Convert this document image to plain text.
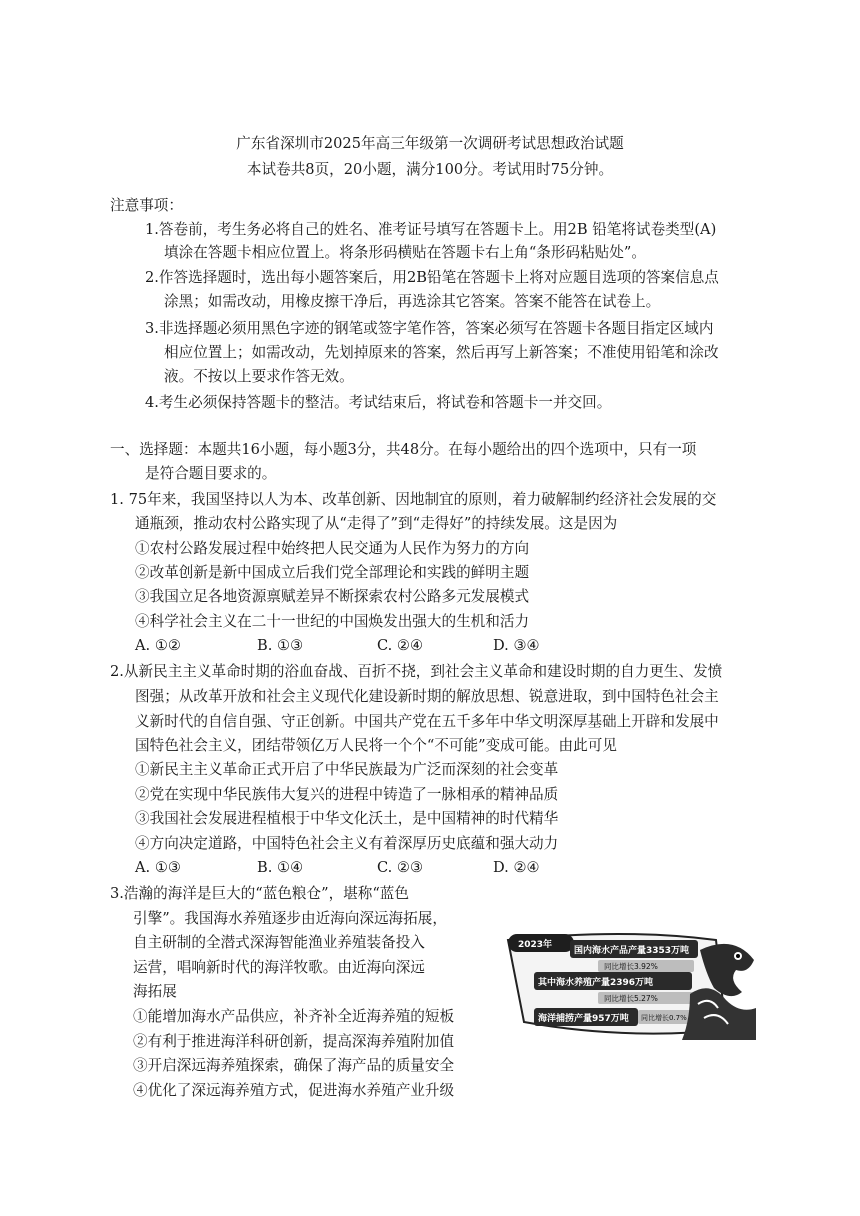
广东省深圳市2025年高三年级第一次调研考试思想政治试题
本试卷共8页，20小题，满分100分。考试用时75分钟。
注意事项：
1.答卷前，考生务必将自己的姓名、准考证号填写在答题卡上。用2B 铅笔将试卷类型(A)
填涂在答题卡相应位置上。将条形码横贴在答题卡右上角“条形码粘贴处”。
2.作答选择题时，选出每小题答案后，用2B铅笔在答题卡上将对应题目选项的答案信息点
涂黑；如需改动，用橡皮擦干净后，再选涂其它答案。答案不能答在试卷上。
3.非选择题必须用黑色字迹的钢笔或签字笔作答，答案必须写在答题卡各题目指定区域内
相应位置上；如需改动，先划掉原来的答案，然后再写上新答案；不准使用铅笔和涂改
液。不按以上要求作答无效。
4.考生必须保持答题卡的整洁。考试结束后，将试卷和答题卡一并交回。
一、选择题：本题共16小题，每小题3分，共48分。在每小题给出的四个选项中，只有一项
是符合题目要求的。
1. 75年来，我国坚持以人为本、改革创新、因地制宜的原则，着力破解制约经济社会发展的交
通瓶颈，推动农村公路实现了从“走得了”到“走得好”的持续发展。这是因为
①农村公路发展过程中始终把人民交通为人民作为努力的方向
②改革创新是新中国成立后我们党全部理论和实践的鲜明主题
③我国立足各地资源禀赋差异不断探索农村公路多元发展模式
④科学社会主义在二十一世纪的中国焕发出强大的生机和活力
A. ①②	B. ①③	C. ②④	D. ③④
2.从新民主主义革命时期的浴血奋战、百折不挠，到社会主义革命和建设时期的自力更生、发愤
图强；从改革开放和社会主义现代化建设新时期的解放思想、锐意进取，到中国特色社会主
义新时代的自信自强、守正创新。中国共产党在五千多年中华文明深厚基础上开辟和发展中
国特色社会主义，团结带领亿万人民将一个个“不可能”变成可能。由此可见
①新民主主义革命正式开启了中华民族最为广泛而深刻的社会变革
②党在实现中华民族伟大复兴的进程中铸造了一脉相承的精神品质
③我国社会发展进程植根于中华文化沃土，是中国精神的时代精华
④方向决定道路，中国特色社会主义有着深厚历史底蕴和强大动力
A. ①③	B. ①④	C. ②③	D. ②④
3.浩瀚的海洋是巨大的“蓝色粮仓”，堪称“蓝色
引擎”。我国海水养殖逐步由近海向深远海拓展，
自主研制的全潜式深海智能渔业养殖装备投入
运营，唱响新时代的海洋牧歌。由近海向深远
海拓展
①能增加海水产品供应，补齐补全近海养殖的短板
②有利于推进海洋科研创新，提高深海养殖附加值
③开启深远海养殖探索，确保了海产品的质量安全
④优化了深远海养殖方式，促进海水养殖产业升级
2023年
国内海水产品产量3353万吨
同比增长3.92%
其中海水养殖产量2396万吨
同比增长5.27%
海洋捕捞产量957万吨 同比增长0.7%
